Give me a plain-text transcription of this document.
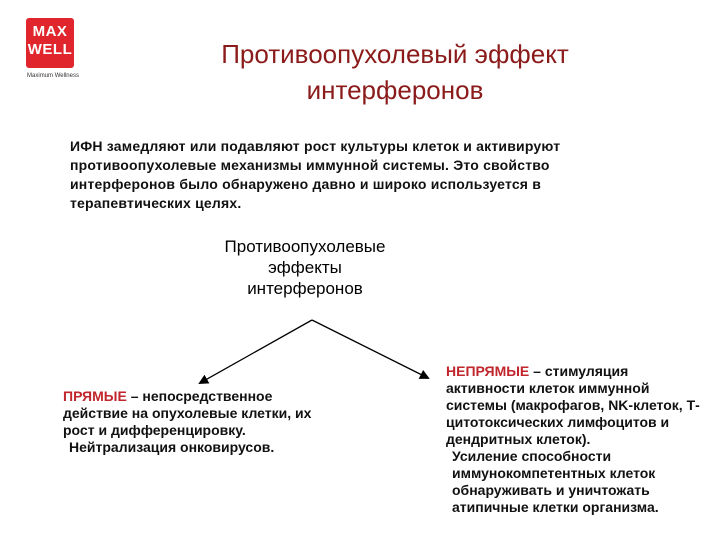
MAX
WELL
Maximum Wellness
Противоопухолевый эффект интерферонов
ИФН замедляют или подавляют рост культуры клеток и активируют
противоопухолевые механизмы иммунной системы. Это свойство
интерферонов было обнаружено давно и широко используется в
терапевтических целях.
Противоопухолевые
эффекты
интерферонов
ПРЯМЫЕ – непосредственное действие на опухолевые клетки, их рост и дифференцировку.
Нейтрализация онковирусов.
НЕПРЯМЫЕ – стимуляция активности клеток иммунной системы (макрофагов, NK-клеток, Т-цитотоксических лимфоцитов и дендритных клеток).
Усиление способности иммунокомпетентных клеток обнаруживать и уничтожать атипичные клетки организма.
